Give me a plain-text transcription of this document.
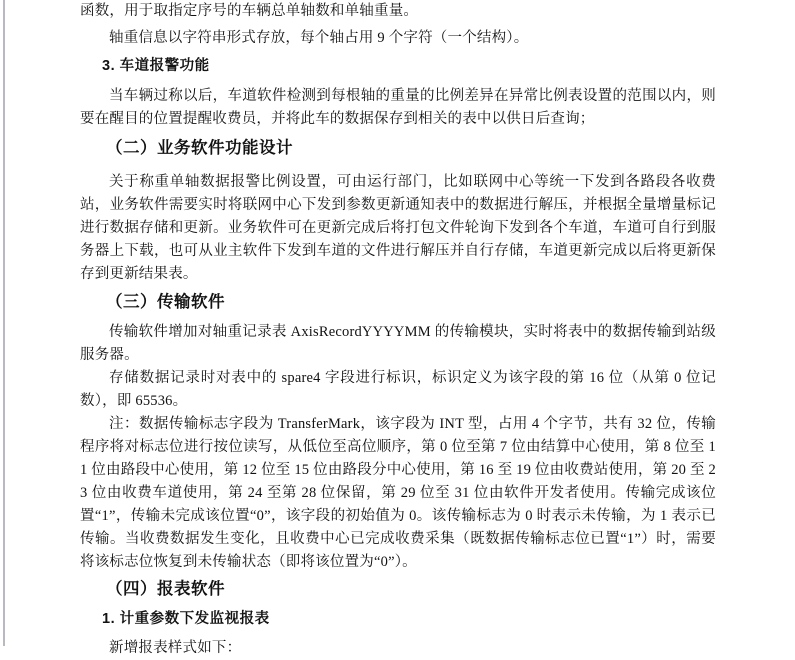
函数，用于取指定序号的车辆总单轴数和单轴重量。

轴重信息以字符串形式存放，每个轴占用 9 个字符（一个结构）。

3. 车道报警功能

当车辆过称以后，车道软件检测到每根轴的重量的比例差异在异常比例表设置的范围以内，则要在醒目的位置提醒收费员，并将此车的数据保存到相关的表中以供日后查询；

（二）业务软件功能设计

关于称重单轴数据报警比例设置，可由运行部门，比如联网中心等统一下发到各路段各收费站，业务软件需要实时将联网中心下发到参数更新通知表中的数据进行解压，并根据全量增量标记进行数据存储和更新。业务软件可在更新完成后将打包文件轮询下发到各个车道，车道可自行到服务器上下载，也可从业主软件下发到车道的文件进行解压并自行存储，车道更新完成以后将更新保存到更新结果表。

（三）传输软件

传输软件增加对轴重记录表 AxisRecordYYYYMM 的传输模块，实时将表中的数据传输到站级服务器。

存储数据记录时对表中的 spare4 字段进行标识，标识定义为该字段的第 16 位（从第 0 位记数），即 65536。

注：数据传输标志字段为 TransferMark，该字段为 INT 型，占用 4 个字节，共有 32 位，传输程序将对标志位进行按位读写，从低位至高位顺序，第 0 位至第 7 位由结算中心使用，第 8 位至 11 位由路段中心使用，第 12 位至 15 位由路段分中心使用，第 16 至 19 位由收费站使用，第 20 至 23 位由收费车道使用，第 24 至第 28 位保留，第 29 位至 31 位由软件开发者使用。传输完成该位置“1”，传输未完成该位置“0”，该字段的初始值为 0。该传输标志为 0 时表示未传输，为 1 表示已传输。当收费数据发生变化，且收费中心已完成收费采集（既数据传输标志位已置“1”）时，需要将该标志位恢复到未传输状态（即将该位置为“0”）。

（四）报表软件
1. 计重参数下发监视报表

新增报表样式如下：
